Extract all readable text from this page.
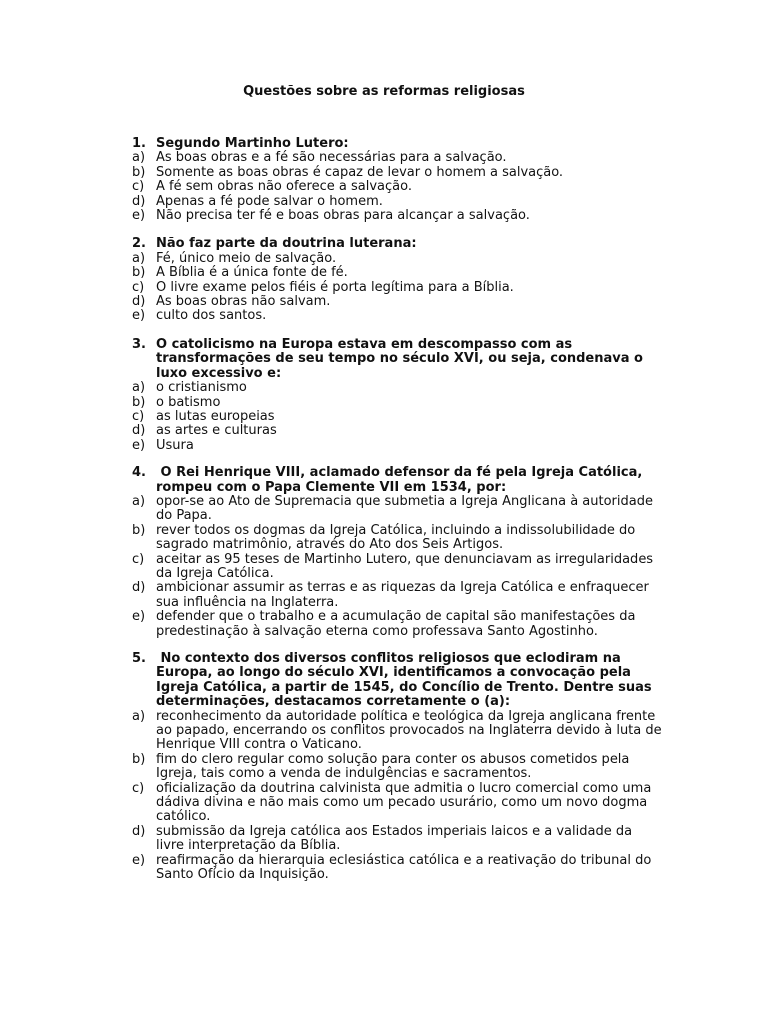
Questões sobre as reformas religiosas
1. Segundo Martinho Lutero:
a) As boas obras e a fé são necessárias para a salvação.
b) Somente as boas obras é capaz de levar o homem a salvação.
c) A fé sem obras não oferece a salvação.
d) Apenas a fé pode salvar o homem.
e) Não precisa ter fé e boas obras para alcançar a salvação.
2. Não faz parte da doutrina luterana:
a) Fé, único meio de salvação.
b) A Bíblia é a única fonte de fé.
c) O livre exame pelos fiéis é porta legítima para a Bíblia.
d) As boas obras não salvam.
e) culto dos santos.
3. O catolicismo na Europa estava em descompasso com as transformações de seu tempo no século XVI, ou seja, condenava o luxo excessivo e:
a) o cristianismo
b) o batismo
c) as lutas europeias
d) as artes e culturas
e) Usura
4. O Rei Henrique VIII, aclamado defensor da fé pela Igreja Católica, rompeu com o Papa Clemente VII em 1534, por:
a) opor-se ao Ato de Supremacia que submetia a Igreja Anglicana à autoridade do Papa.
b) rever todos os dogmas da Igreja Católica, incluindo a indissolubilidade do sagrado matrimônio, através do Ato dos Seis Artigos.
c) aceitar as 95 teses de Martinho Lutero, que denunciavam as irregularidades da Igreja Católica.
d) ambicionar assumir as terras e as riquezas da Igreja Católica e enfraquecer sua influência na Inglaterra.
e) defender que o trabalho e a acumulação de capital são manifestações da predestinação à salvação eterna como professava Santo Agostinho.
5. No contexto dos diversos conflitos religiosos que eclodiram na Europa, ao longo do século XVI, identificamos a convocação pela Igreja Católica, a partir de 1545, do Concílio de Trento. Dentre suas determinações, destacamos corretamente o (a):
a) reconhecimento da autoridade política e teológica da Igreja anglicana frente ao papado, encerrando os conflitos provocados na Inglaterra devido à luta de Henrique VIII contra o Vaticano.
b) fim do clero regular como solução para conter os abusos cometidos pela Igreja, tais como a venda de indulgências e sacramentos.
c) oficialização da doutrina calvinista que admitia o lucro comercial como uma dádiva divina e não mais como um pecado usurário, como um novo dogma católico.
d) submissão da Igreja católica aos Estados imperiais laicos e a validade da livre interpretação da Bíblia.
e) reafirmação da hierarquia eclesiástica católica e a reativação do tribunal do Santo Ofício da Inquisição.
